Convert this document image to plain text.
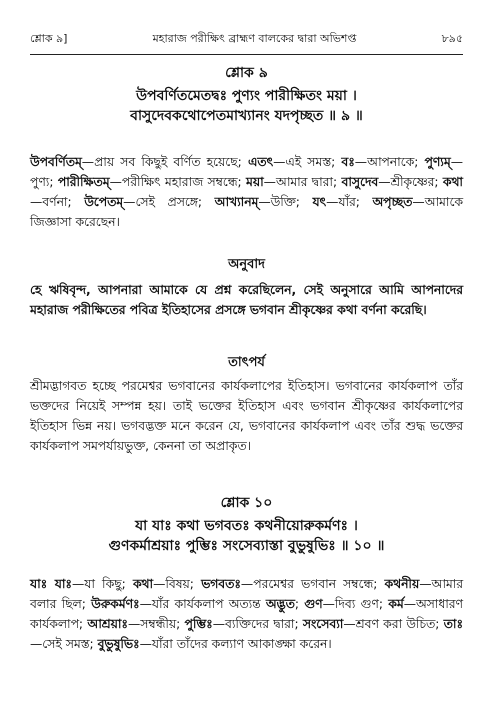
শ্লোক ৯]	মহারাজ পরীক্ষিৎ ব্রাহ্মণ বালকের দ্বারা অভিশপ্ত	৮৯৫
শ্লোক ৯
উপবর্ণিতমেতদ্বঃ পুণ্যং পারীক্ষিতং ময়া ।
বাসুদেবকথোপেতমাখ্যানং যদপৃচ্ছত ॥ ৯ ॥

উপবর্ণিতম্—প্রায় সব কিছুই বর্ণিত হয়েছে; এতৎ—এই সমস্ত; বঃ—আপনাকে; পুণ্যম্—পুণ্য; পারীক্ষিতম্—পরীক্ষিৎ মহারাজ সম্বন্ধে; ময়া—আমার দ্বারা; বাসুদেব—শ্রীকৃষ্ণের; কথা—বর্ণনা; উপেতম্—সেই প্রসঙ্গে; আখ্যানম্—উক্তি; যৎ—যাঁর; অপৃচ্ছত—আমাকে জিজ্ঞাসা করেছেন।

অনুবাদ

হে ঋষিবৃন্দ, আপনারা আমাকে যে প্রশ্ন করেছিলেন, সেই অনুসারে আমি আপনাদের মহারাজ পরীক্ষিতের পবিত্র ইতিহাসের প্রসঙ্গে ভগবান শ্রীকৃষ্ণের কথা বর্ণনা করেছি।

তাৎপর্য

শ্রীমদ্ভাগবত হচ্ছে পরমেশ্বর ভগবানের কার্যকলাপের ইতিহাস। ভগবানের কার্যকলাপ তাঁর ভক্তদের নিয়েই সম্পন্ন হয়। তাই ভক্তের ইতিহাস এবং ভগবান শ্রীকৃষ্ণের কার্যকলাপের ইতিহাস ভিন্ন নয়। ভগবদ্ভক্ত মনে করেন যে, ভগবানের কার্যকলাপ এবং তাঁর শুদ্ধ ভক্তের কার্যকলাপ সমপর্যায়ভুক্ত, কেননা তা অপ্রাকৃত।

শ্লোক ১০
যা যাঃ কথা ভগবতঃ কথনীয়োরুকর্মণঃ ।
গুণকর্মাশ্রয়াঃ পুম্ভিঃ সংসেব্যাস্তা বুভুষুভিঃ ॥ ১০ ॥

যাঃ যাঃ—যা কিছু; কথা—বিষয়; ভগবতঃ—পরমেশ্বর ভগবান সম্বন্ধে; কথনীয়—আমার বলার ছিল; উরুকর্মণঃ—যাঁর কার্যকলাপ অত্যন্ত অদ্ভুত; গুণ—দিব্য গুণ; কর্ম—অসাধারণ কার্যকলাপ; আশ্রয়াঃ—সম্বন্ধীয়; পুম্ভিঃ—ব্যক্তিদের দ্বারা; সংসেব্যা—শ্রবণ করা উচিত; তাঃ—সেই সমস্ত; বুভুষুভিঃ—যাঁরা তাঁদের কল্যাণ আকাঙ্ক্ষা করেন।
